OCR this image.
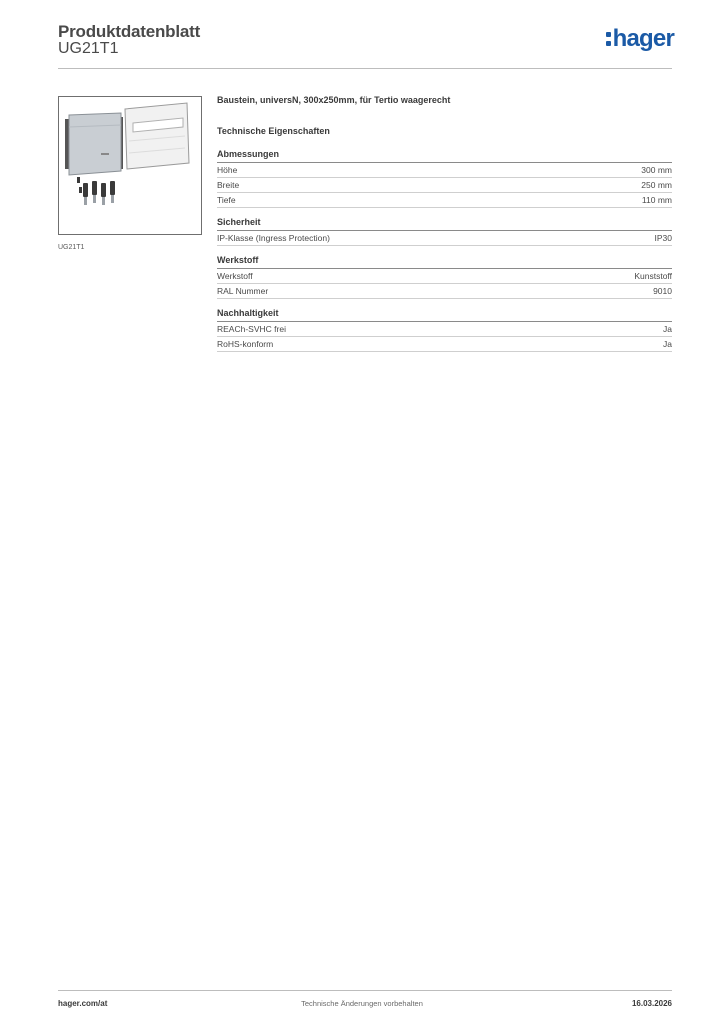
Produktdatenblatt
UG21T1	hager
UG21T1
Baustein, universN, 300x250mm, für Tertio waagerecht
Technische Eigenschaften
Abmessungen
Höhe	300 mm
Breite	250 mm
Tiefe	110 mm
Sicherheit
IP-Klasse (Ingress Protection)	IP30
Werkstoff
Werkstoff	Kunststoff
RAL Nummer	9010
Nachhaltigkeit
REACh-SVHC frei	Ja
RoHS-konform	Ja
hager.com/at	Technische Änderungen vorbehalten	16.03.2026
